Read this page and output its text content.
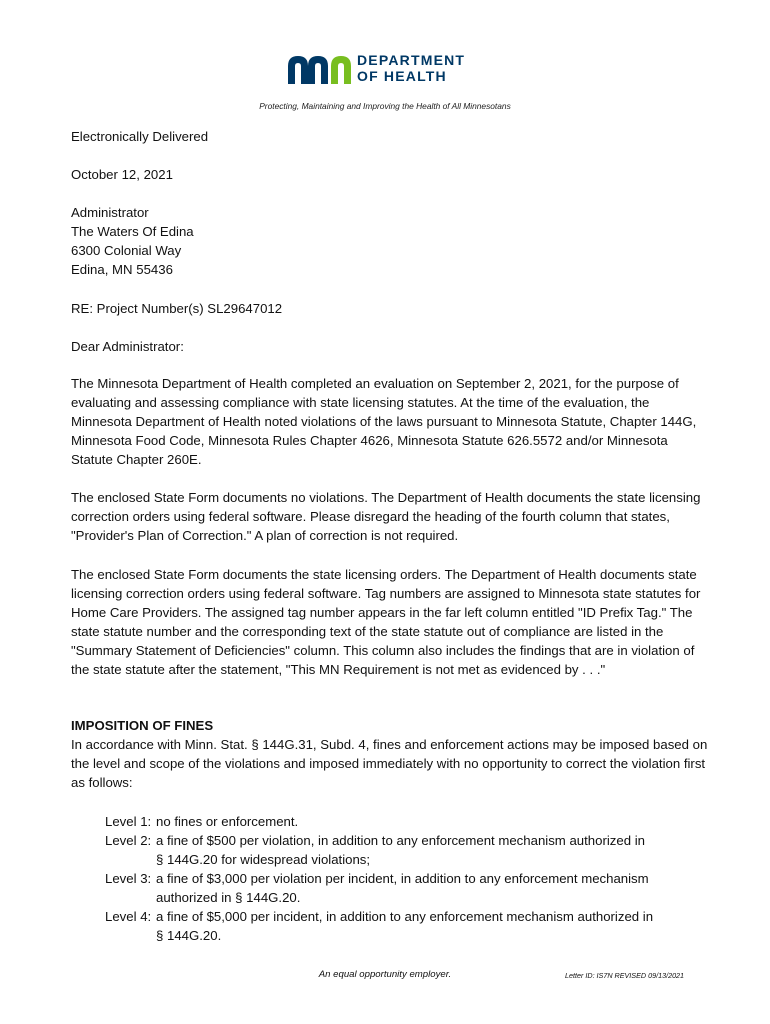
DEPARTMENT
OF HEALTH
Protecting, Maintaining and Improving the Health of All Minnesotans
Electronically Delivered
October 12, 2021
Administrator
The Waters Of Edina
6300 Colonial Way
Edina, MN 55436
RE: Project Number(s) SL29647012
Dear Administrator:

The Minnesota Department of Health completed an evaluation on September 2, 2021, for the purpose of evaluating and assessing compliance with state licensing statutes. At the time of the evaluation, the Minnesota Department of Health noted violations of the laws pursuant to Minnesota Statute, Chapter 144G, Minnesota Food Code, Minnesota Rules Chapter 4626, Minnesota Statute 626.5572 and/or Minnesota Statute Chapter 260E.

The enclosed State Form documents no violations. The Department of Health documents the state licensing correction orders using federal software. Please disregard the heading of the fourth column that states, "Provider's Plan of Correction." A plan of correction is not required.

The enclosed State Form documents the state licensing orders. The Department of Health documents state licensing correction orders using federal software. Tag numbers are assigned to Minnesota state statutes for Home Care Providers. The assigned tag number appears in the far left column entitled "ID Prefix Tag." The state statute number and the corresponding text of the state statute out of compliance are listed in the "Summary Statement of Deficiencies" column. This column also includes the findings that are in violation of the state statute after the statement, "This MN Requirement is not met as evidenced by . . ."

IMPOSITION OF FINES

In accordance with Minn. Stat. § 144G.31, Subd. 4, fines and enforcement actions may be imposed based on the level and scope of the violations and imposed immediately with no opportunity to correct the violation first as follows:

Level 1: no fines or enforcement.
Level 2: a fine of $500 per violation, in addition to any enforcement mechanism authorized in
§ 144G.20 for widespread violations;
Level 3: a fine of $3,000 per violation per incident, in addition to any enforcement mechanism
authorized in § 144G.20.
Level 4: a fine of $5,000 per incident, in addition to any enforcement mechanism authorized in
§ 144G.20.
An equal opportunity employer.	Letter ID: IS7N REVISED 09/13/2021
